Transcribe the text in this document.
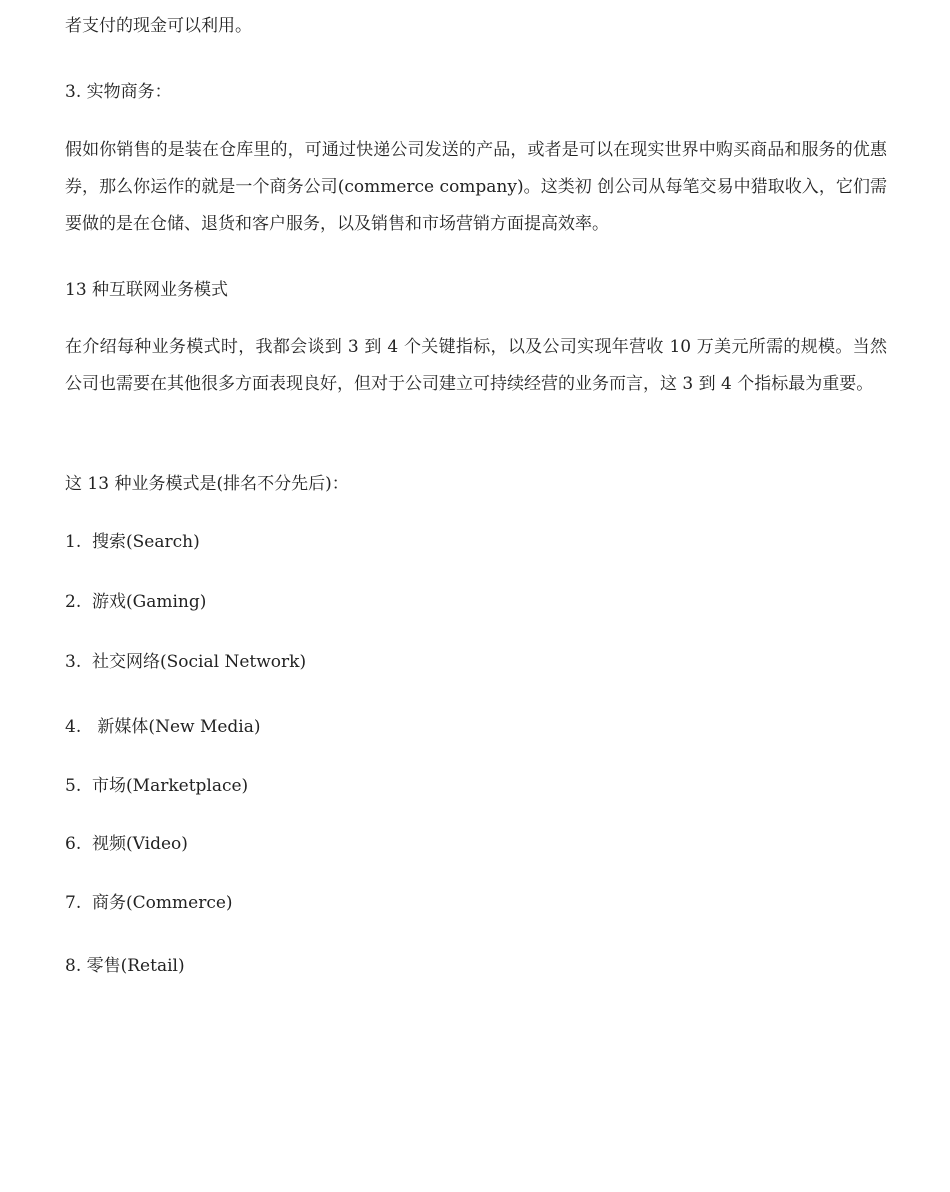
者支付的现金可以利用。
3. 实物商务：

假如你销售的是装在仓库里的，可通过快递公司发送的产品，或者是可以在现实世界中购买商品和服务的优惠券，那么你运作的就是一个商务公司(commerce company)。这类初 创公司从每笔交易中猎取收入，它们需要做的是在仓储、退货和客户服务，以及销售和市场营销方面提高效率。

13 种互联网业务模式

在介绍每种业务模式时，我都会谈到 3 到 4 个关键指标，以及公司实现年营收 10 万美元所需的规模。当然公司也需要在其他很多方面表现良好，但对于公司建立可持续经营的业务而言，这 3 到 4 个指标最为重要。

这 13 种业务模式是(排名不分先后)：
1.  搜索(Search)
2.  游戏(Gaming)
3.  社交网络(Social Network)
4.   新媒体(New Media)
5.  市场(Marketplace)
6.  视频(Video)
7.  商务(Commerce)
8. 零售(Retail)
